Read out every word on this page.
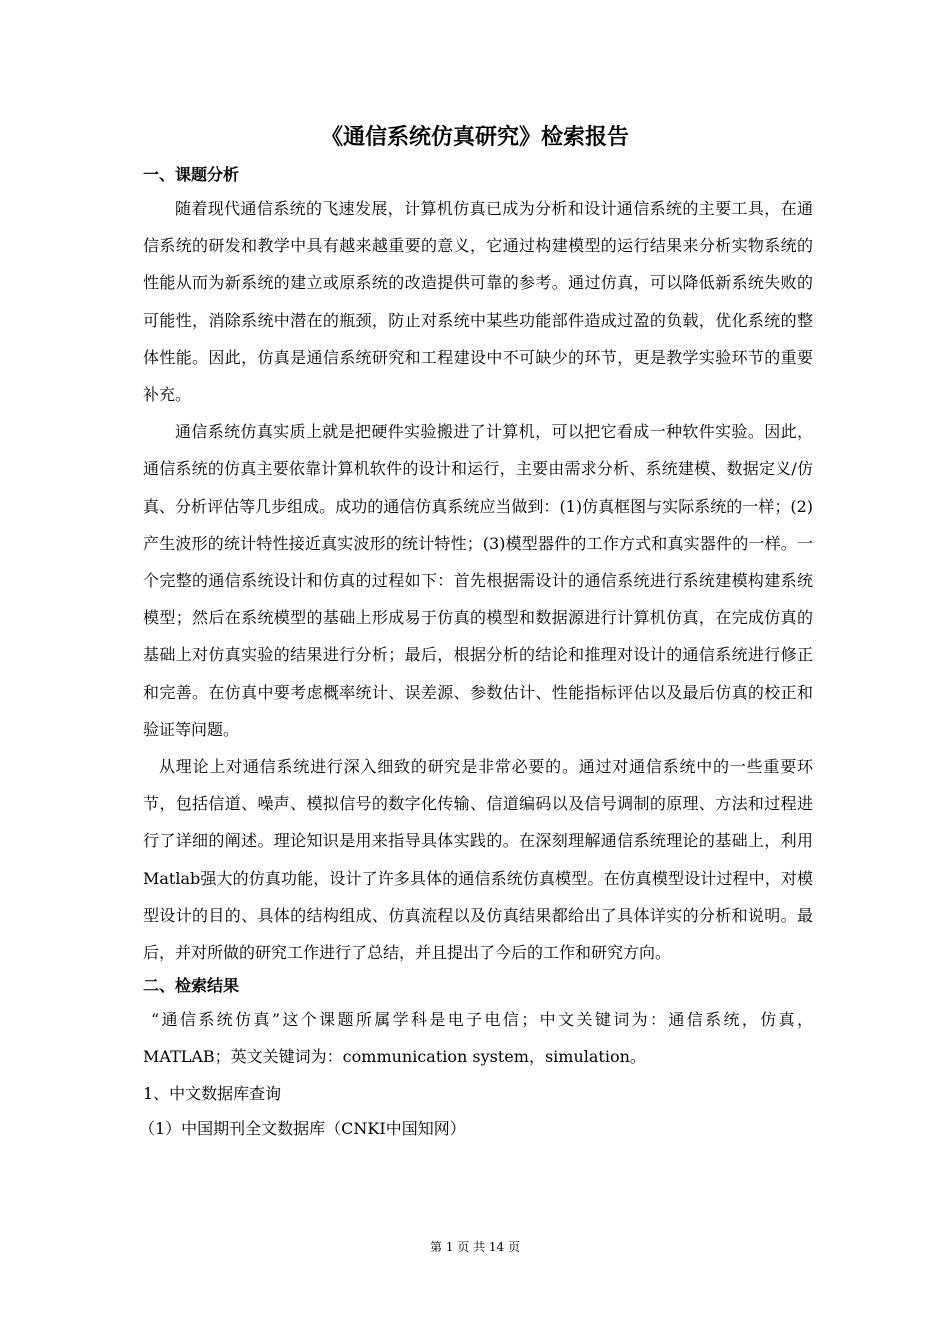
《通信系统仿真研究》检索报告

一、课题分析

随着现代通信系统的飞速发展，计算机仿真已成为分析和设计通信系统的主要工具，在通信系统的研发和教学中具有越来越重要的意义，它通过构建模型的运行结果来分析实物系统的性能从而为新系统的建立或原系统的改造提供可靠的参考。通过仿真，可以降低新系统失败的可能性，消除系统中潜在的瓶颈，防止对系统中某些功能部件造成过盈的负载，优化系统的整体性能。因此，仿真是通信系统研究和工程建设中不可缺少的环节，更是教学实验环节的重要补充。

通信系统仿真实质上就是把硬件实验搬进了计算机，可以把它看成一种软件实验。因此，通信系统的仿真主要依靠计算机软件的设计和运行，主要由需求分析、系统建模、数据定义/仿真、分析评估等几步组成。成功的通信仿真系统应当做到：(1)仿真框图与实际系统的一样；(2)产生波形的统计特性接近真实波形的统计特性；(3)模型器件的工作方式和真实器件的一样。一个完整的通信系统设计和仿真的过程如下：首先根据需设计的通信系统进行系统建模构建系统模型；然后在系统模型的基础上形成易于仿真的模型和数据源进行计算机仿真，在完成仿真的基础上对仿真实验的结果进行分析；最后，根据分析的结论和推理对设计的通信系统进行修正和完善。在仿真中要考虑概率统计、误差源、参数估计、性能指标评估以及最后仿真的校正和验证等问题。

从理论上对通信系统进行深入细致的研究是非常必要的。通过对通信系统中的一些重要环节，包括信道、噪声、模拟信号的数字化传输、信道编码以及信号调制的原理、方法和过程进行了详细的阐述。理论知识是用来指导具体实践的。在深刻理解通信系统理论的基础上，利用Matlab强大的仿真功能，设计了许多具体的通信系统仿真模型。在仿真模型设计过程中，对模型设计的目的、具体的结构组成、仿真流程以及仿真结果都给出了具体详实的分析和说明。最后，并对所做的研究工作进行了总结，并且提出了今后的工作和研究方向。

二、检索结果

“通信系统仿真”这个课题所属学科是电子电信；中文关键词为：通信系统，仿真，MATLAB；英文关键词为：communication system，simulation。

1、中文数据库查询

（1）中国期刊全文数据库（CNKI中国知网）

第 1 页 共 14 页
